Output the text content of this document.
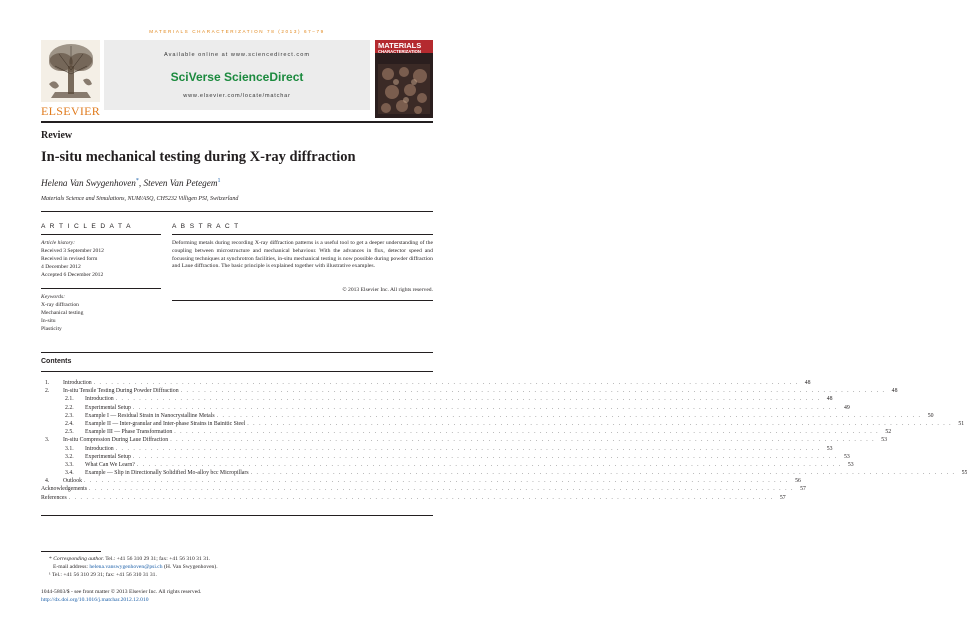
MATERIALS CHARACTERIZATION 78 (2013) 67–79
ELSEVIER
Available online at www.sciencedirect.com
SciVerse ScienceDirect
www.elsevier.com/locate/matchar
MATERIALS
CHARACTERIZATION
Review
In-situ mechanical testing during X-ray diffraction
Helena Van Swygenhoven*, Steven Van Petegem$^1$
Materials Science and Simulations, NUM/ASQ, CH5232 Villigen PSI, Switzerland
A R T I C L E D A T A	A B S T R A C T
Article history:
Received 3 September 2012
Received in revised form
4 December 2012
Accepted 6 December 2012
Keywords:
X-ray diffraction
Mechanical testing
In-situ
Plasticity
Deforming metals during recording X-ray diffraction patterns is a useful tool to get a deeper understanding of the coupling between microstructure and mechanical behaviour. With the advances in flux, detector speed and focussing techniques at synchrotron facilities, in-situ mechanical testing is now possible during powder diffraction and Laue diffraction. The basic principle is explained together with illustrative examples.
© 2013 Elsevier Inc. All rights reserved.
Contents
1.	Introduction . . . . . . . . . . . . . . . . . . . . . . . . . . . . . . . . . . . . . . . . . . . . . . . . . . . . . . . . . . . . . . . . . . . . . . . . . . . . . . . . . . . . . . . . . . . . . . . . . . . . . . . . . . . . . . . . . . . . . . . .	48
2.	In-situ Tensile Testing During Powder Diffraction . . . . . . . . . . . . . . . . . . . . . . . . . . . . . . . . . . . . . . . . . . . . . . . . . . . . . . . . . . . . . . . . . . . . . . . . . . . . . . . . . . . . . . . . . . . . . . . . . . . . . . . . . . . . . . . . . . . . . . . .	48
2.1.	Introduction . . . . . . . . . . . . . . . . . . . . . . . . . . . . . . . . . . . . . . . . . . . . . . . . . . . . . . . . . . . . . . . . . . . . . . . . . . . . . . . . . . . . . . . . . . . . . . . . . . . . . . . . . . . . . . . . . . . . . . . .	48
2.2.	Experimental Setup . . . . . . . . . . . . . . . . . . . . . . . . . . . . . . . . . . . . . . . . . . . . . . . . . . . . . . . . . . . . . . . . . . . . . . . . . . . . . . . . . . . . . . . . . . . . . . . . . . . . . . . . . . . . . . . . . . . . . . . .	49
2.3.	Example I — Residual Strain in Nanocrystalline Metals . . . . . . . . . . . . . . . . . . . . . . . . . . . . . . . . . . . . . . . . . . . . . . . . . . . . . . . . . . . . . . . . . . . . . . . . . . . . . . . . . . . . . . . . . . . . . . . . . . . . . . . . . . . . . . . . . . . . . . . .	50
2.4.	Example II — Inter-granular and Inter-phase Strains in Bainitic Steel . . . . . . . . . . . . . . . . . . . . . . . . . . . . . . . . . . . . . . . . . . . . . . . . . . . . . . . . . . . . . . . . . . . . . . . . . . . . . . . . . . . . . . . . . . . . . . . . . . . . . . . . . . . . . . . . . . . . . . . .	51
2.5.	Example III — Phase Transformation . . . . . . . . . . . . . . . . . . . . . . . . . . . . . . . . . . . . . . . . . . . . . . . . . . . . . . . . . . . . . . . . . . . . . . . . . . . . . . . . . . . . . . . . . . . . . . . . . . . . . . . . . . . . . . . . . . . . . . . .	52
3.	In-situ Compression During Laue Diffraction . . . . . . . . . . . . . . . . . . . . . . . . . . . . . . . . . . . . . . . . . . . . . . . . . . . . . . . . . . . . . . . . . . . . . . . . . . . . . . . . . . . . . . . . . . . . . . . . . . . . . . . . . . . . . . . . . . . . . . . .	53
3.1.	Introduction . . . . . . . . . . . . . . . . . . . . . . . . . . . . . . . . . . . . . . . . . . . . . . . . . . . . . . . . . . . . . . . . . . . . . . . . . . . . . . . . . . . . . . . . . . . . . . . . . . . . . . . . . . . . . . . . . . . . . . . .	53
3.2.	Experimental Setup . . . . . . . . . . . . . . . . . . . . . . . . . . . . . . . . . . . . . . . . . . . . . . . . . . . . . . . . . . . . . . . . . . . . . . . . . . . . . . . . . . . . . . . . . . . . . . . . . . . . . . . . . . . . . . . . . . . . . . . .	53
3.3.	What Can We Learn? . . . . . . . . . . . . . . . . . . . . . . . . . . . . . . . . . . . . . . . . . . . . . . . . . . . . . . . . . . . . . . . . . . . . . . . . . . . . . . . . . . . . . . . . . . . . . . . . . . . . . . . . . . . . . . . . . . . . . . . .	53
3.4.	Example — Slip in Directionally Solidified Mo-alloy bcc Micropillars . . . . . . . . . . . . . . . . . . . . . . . . . . . . . . . . . . . . . . . . . . . . . . . . . . . . . . . . . . . . . . . . . . . . . . . . . . . . . . . . . . . . . . . . . . . . . . . . . . . . . . . . . . . . . . . . . . . . . . . .	55
4.	Outlook . . . . . . . . . . . . . . . . . . . . . . . . . . . . . . . . . . . . . . . . . . . . . . . . . . . . . . . . . . . . . . . . . . . . . . . . . . . . . . . . . . . . . . . . . . . . . . . . . . . . . . . . . . . . . . . . . . . . . . . .	56
Acknowledgements . . . . . . . . . . . . . . . . . . . . . . . . . . . . . . . . . . . . . . . . . . . . . . . . . . . . . . . . . . . . . . . . . . . . . . . . . . . . . . . . . . . . . . . . . . . . . . . . . . . . . . . . . . . . . . . . . . . . . . . .	57
References . . . . . . . . . . . . . . . . . . . . . . . . . . . . . . . . . . . . . . . . . . . . . . . . . . . . . . . . . . . . . . . . . . . . . . . . . . . . . . . . . . . . . . . . . . . . . . . . . . . . . . . . . . . . . . . . . . . . . . . .	57
* Corresponding author. Tel.: +41 56 310 29 31; fax: +41 56 310 31 31.
E-mail address: helena.vanswygenhoven@psi.ch (H. Van Swygenhoven).
¹ Tel.: +41 56 310 29 31; fax: +41 56 310 31 31.
1044-5803/$ - see front matter © 2013 Elsevier Inc. All rights reserved.
http://dx.doi.org/10.1016/j.matchar.2012.12.010
